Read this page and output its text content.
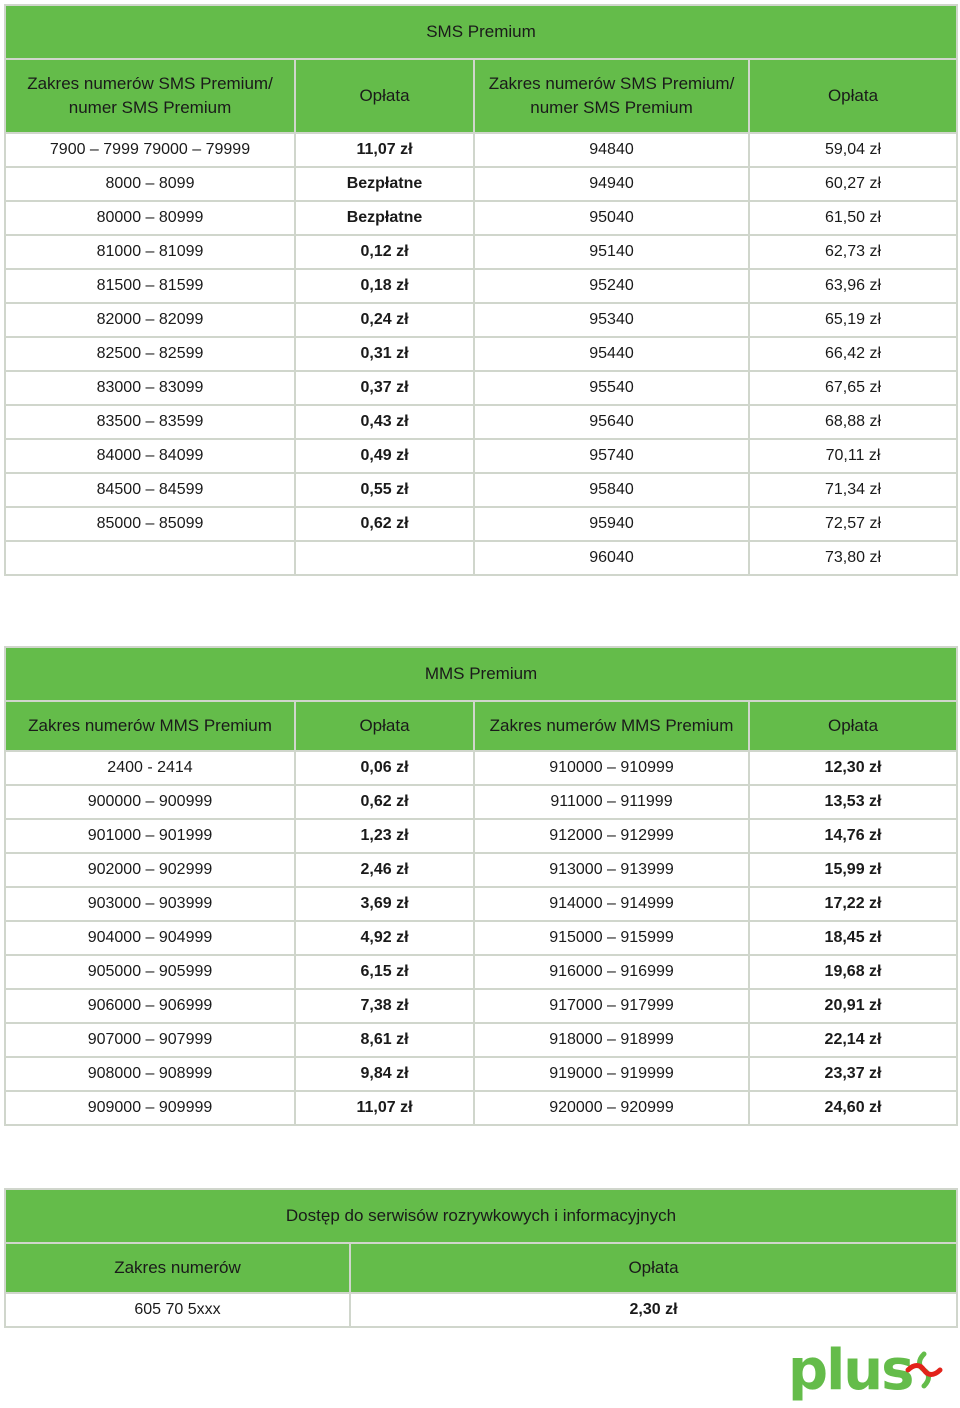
SMS Premium			
Zakres numerów SMS Premium/ numer SMS Premium	Opłata	Zakres numerów SMS Premium/ numer SMS Premium	Opłata
7900 – 7999 79000 – 79999	11,07 zł	94840	59,04 zł
8000 – 8099	Bezpłatne	94940	60,27 zł
80000 – 80999	Bezpłatne	95040	61,50 zł
81000 – 81099	0,12 zł	95140	62,73 zł
81500 – 81599	0,18 zł	95240	63,96 zł
82000 – 82099	0,24 zł	95340	65,19 zł
82500 – 82599	0,31 zł	95440	66,42 zł
83000 – 83099	0,37 zł	95540	67,65 zł
83500 – 83599	0,43 zł	95640	68,88 zł
84000 – 84099	0,49 zł	95740	70,11 zł
84500 – 84599	0,55 zł	95840	71,34 zł
85000 – 85099	0,62 zł	95940	72,57 zł
		96040	73,80 zł
MMS Premium			
Zakres numerów MMS Premium	Opłata	Zakres numerów MMS Premium	Opłata
2400 - 2414	0,06 zł	910000 – 910999	12,30 zł
900000 – 900999	0,62 zł	911000 – 911999	13,53 zł
901000 – 901999	1,23 zł	912000 – 912999	14,76 zł
902000 – 902999	2,46 zł	913000 – 913999	15,99 zł
903000 – 903999	3,69 zł	914000 – 914999	17,22 zł
904000 – 904999	4,92 zł	915000 – 915999	18,45 zł
905000 – 905999	6,15 zł	916000 – 916999	19,68 zł
906000 – 906999	7,38 zł	917000 – 917999	20,91 zł
907000 – 907999	8,61 zł	918000 – 918999	22,14 zł
908000 – 908999	9,84 zł	919000 – 919999	23,37 zł
909000 – 909999	11,07 zł	920000 – 920999	24,60 zł
Dostęp do serwisów rozrywkowych i informacyjnych	
Zakres numerów	Opłata
605 70 5xxx	2,30 zł
plus
